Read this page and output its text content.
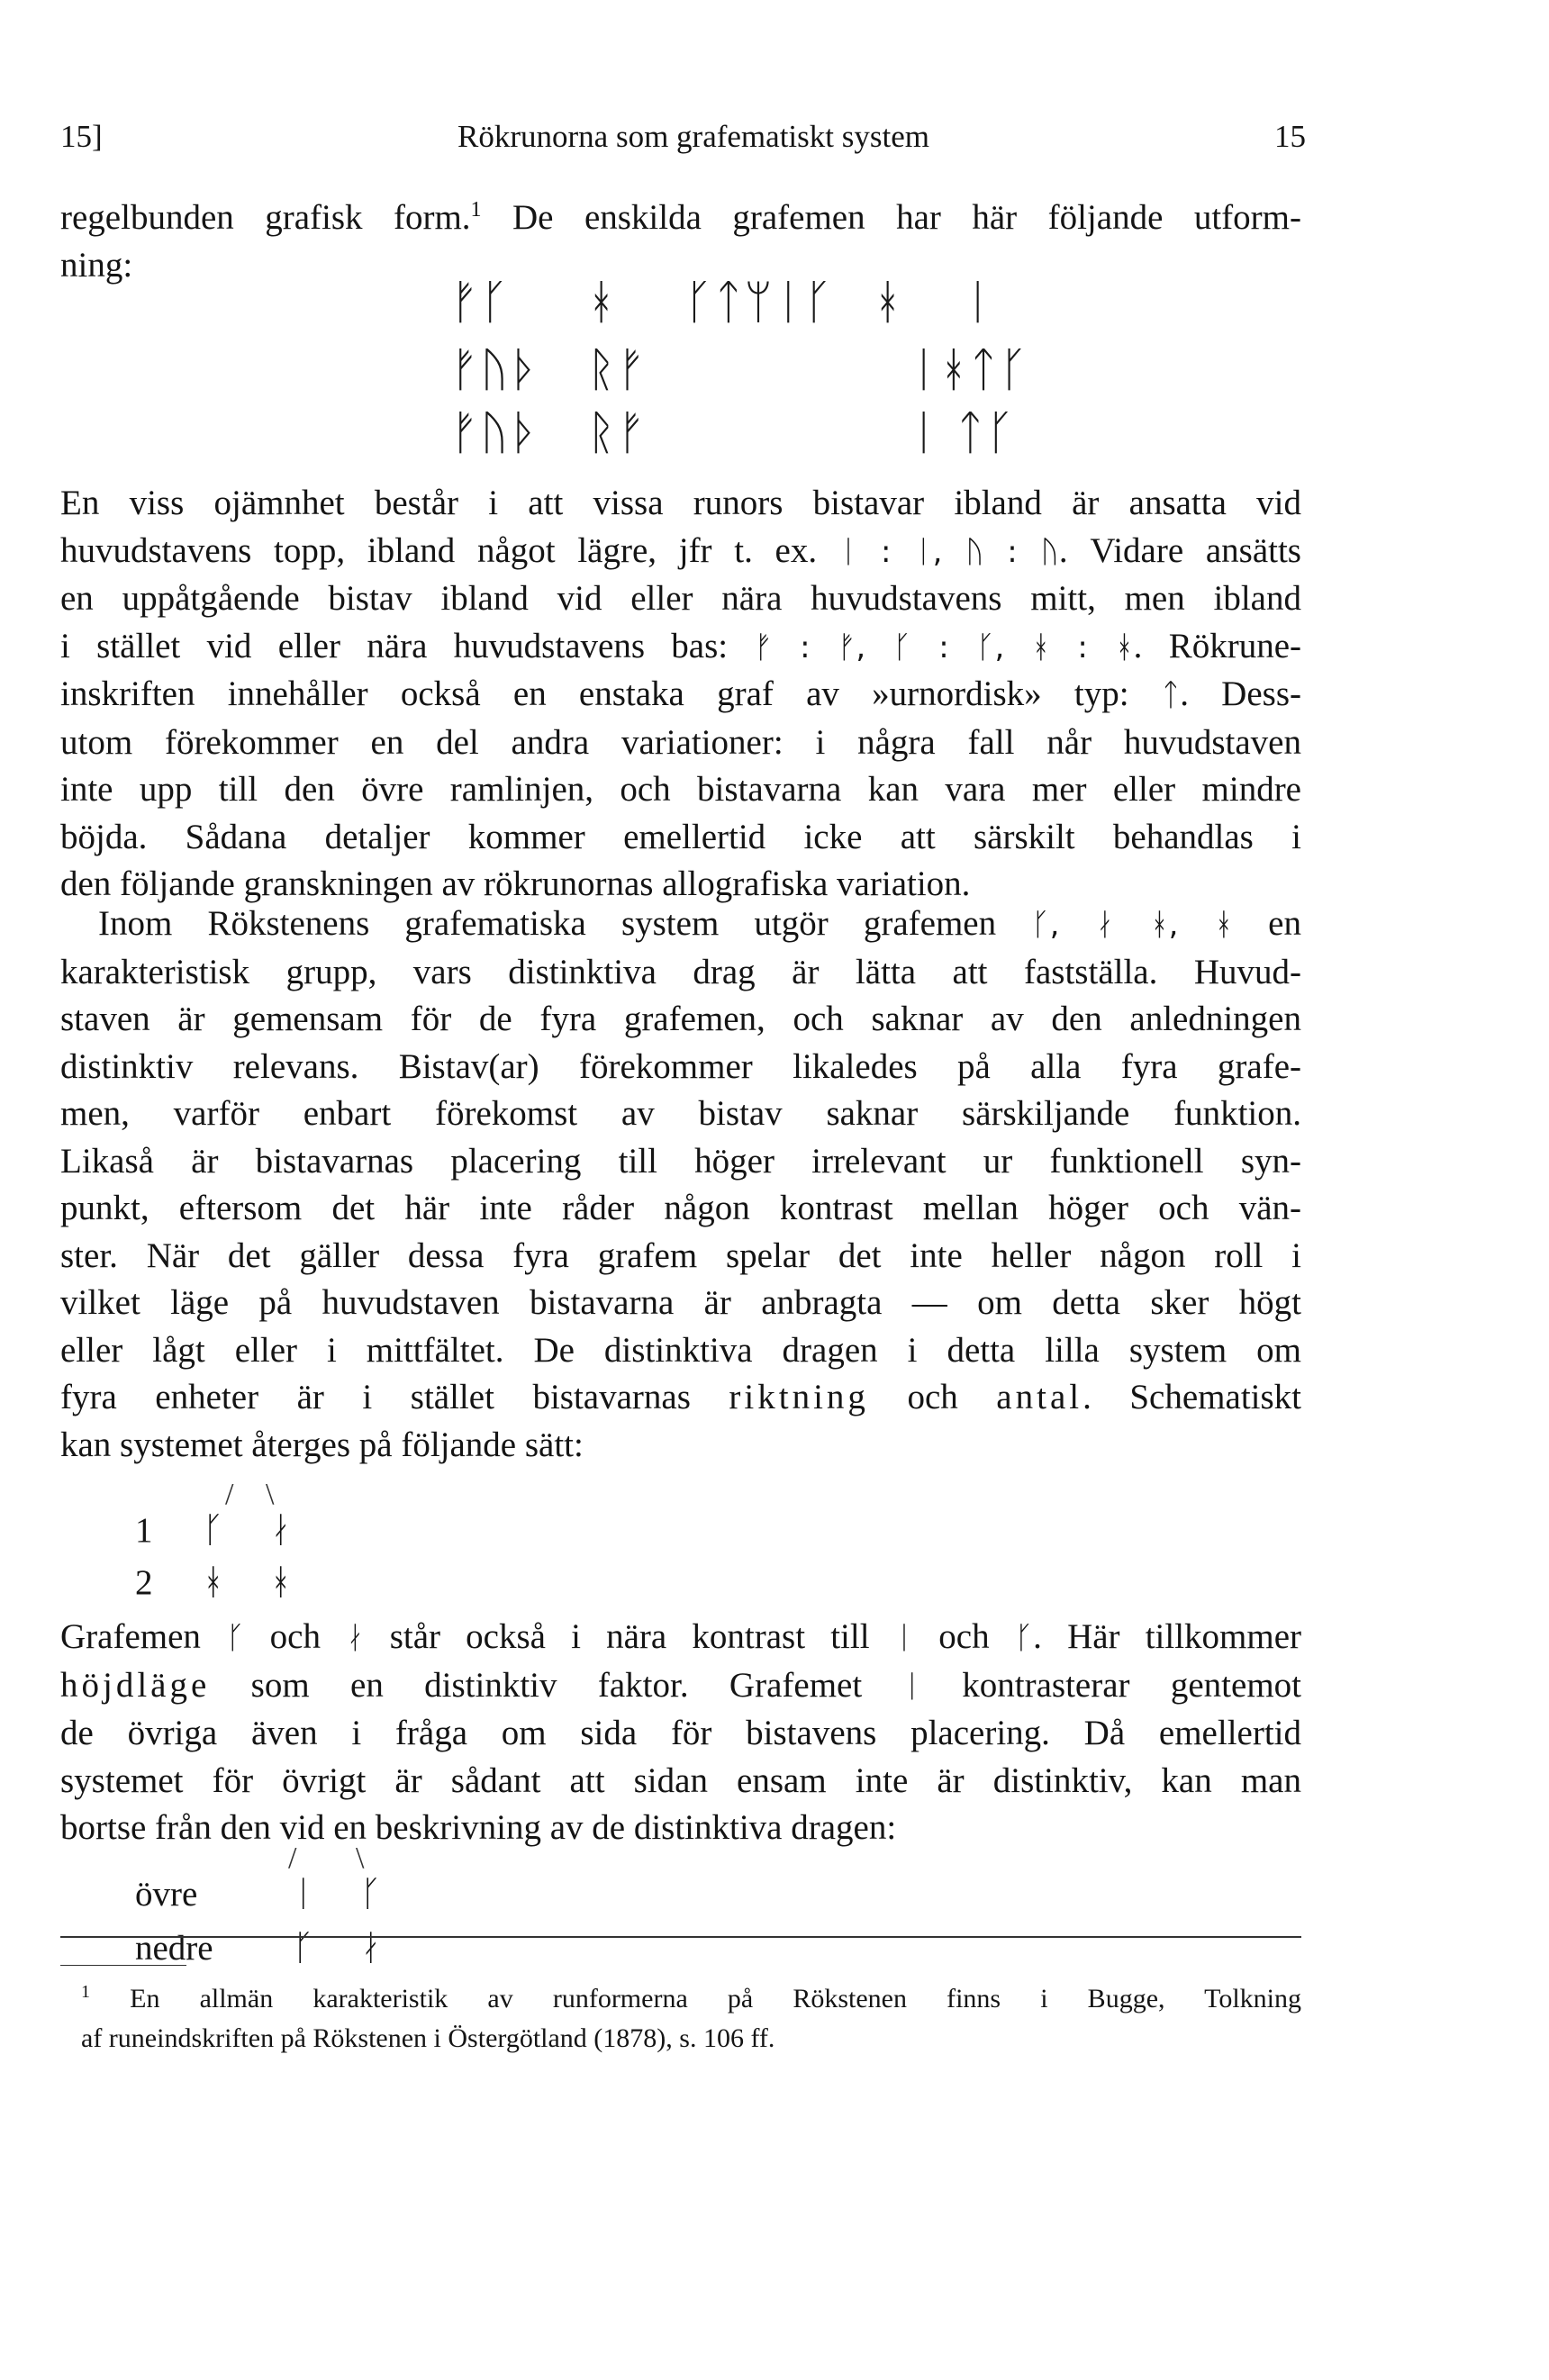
15]	Rökrunorna som grafematiskt system	15
regelbunden grafisk form.$^1$ De enskilda grafemen har här följande utform-
ning:
ᚠᚴ ᚼ ᚴᛏᛘᛁᚴ ᚼ ᛁ
ᚠᚢᚦ ᚱᚠ	ᛁᚼᛏᚴ
ᚠᚢᚦ ᚱᚠ	ᛁ ᛏᚴ
En viss ojämnhet består i att vissa runors bistavar ibland är ansatta vid
huvudstavens topp, ibland något lägre, jfr t. ex. ᛁ : ᛁ, ᚢ : ᚢ. Vidare ansätts
en uppåtgående bistav ibland vid eller nära huvudstavens mitt, men ibland
i stället vid eller nära huvudstavens bas: ᚠ : ᚠ, ᚴ : ᚴ, ᚼ : ᚼ. Rökrune-
inskriften innehåller också en enstaka graf av »urnordisk» typ: ᛏ. Dess-
utom förekommer en del andra variationer: i några fall når huvudstaven
inte upp till den övre ramlinjen, och bistavarna kan vara mer eller mindre
böjda. Sådana detaljer kommer emellertid icke att särskilt behandlas i
den följande granskningen av rökrunornas allografiska variation.
Inom Rökstenens grafematiska system utgör grafemen ᚴ, ᛅ ᚼ, ᚼ en
karakteristisk grupp, vars distinktiva drag är lätta att fastställa. Huvud-
staven är gemensam för de fyra grafemen, och saknar av den anledningen
distinktiv relevans. Bistav(ar) förekommer likaledes på alla fyra grafe-
men, varför enbart förekomst av bistav saknar särskiljande funktion.
Likaså är bistavarnas placering till höger irrelevant ur funktionell syn-
punkt, eftersom det här inte råder någon kontrast mellan höger och vän-
ster. När det gäller dessa fyra grafem spelar det inte heller någon roll i
vilket läge på huvudstaven bistavarna är anbragta — om detta sker högt
eller lågt eller i mittfältet. De distinktiva dragen i detta lilla system om
fyra enheter är i stället bistavarnas riktning och antal. Schematiskt
kan systemet återges på följande sätt:
/ \
1 ᚴ ᛅ
2 ᚼ ᚼ
Grafemen ᚴ och ᛅ står också i nära kontrast till ᛁ och ᚴ. Här tillkommer
höjdläge som en distinktiv faktor. Grafemet ᛁ kontrasterar gentemot
de övriga även i fråga om sida för bistavens placering. Då emellertid
systemet för övrigt är sådant att sidan ensam inte är distinktiv, kan man
bortse från den vid en beskrivning av de distinktiva dragen:
/ \
övre	ᛁ ᚴ
nedre ᚴ ᛅ
$^1$ En allmän karakteristik av runformerna på Rökstenen finns i Bugge, Tolkning
af runeindskriften på Rökstenen i Östergötland (1878), s. 106 ff.
